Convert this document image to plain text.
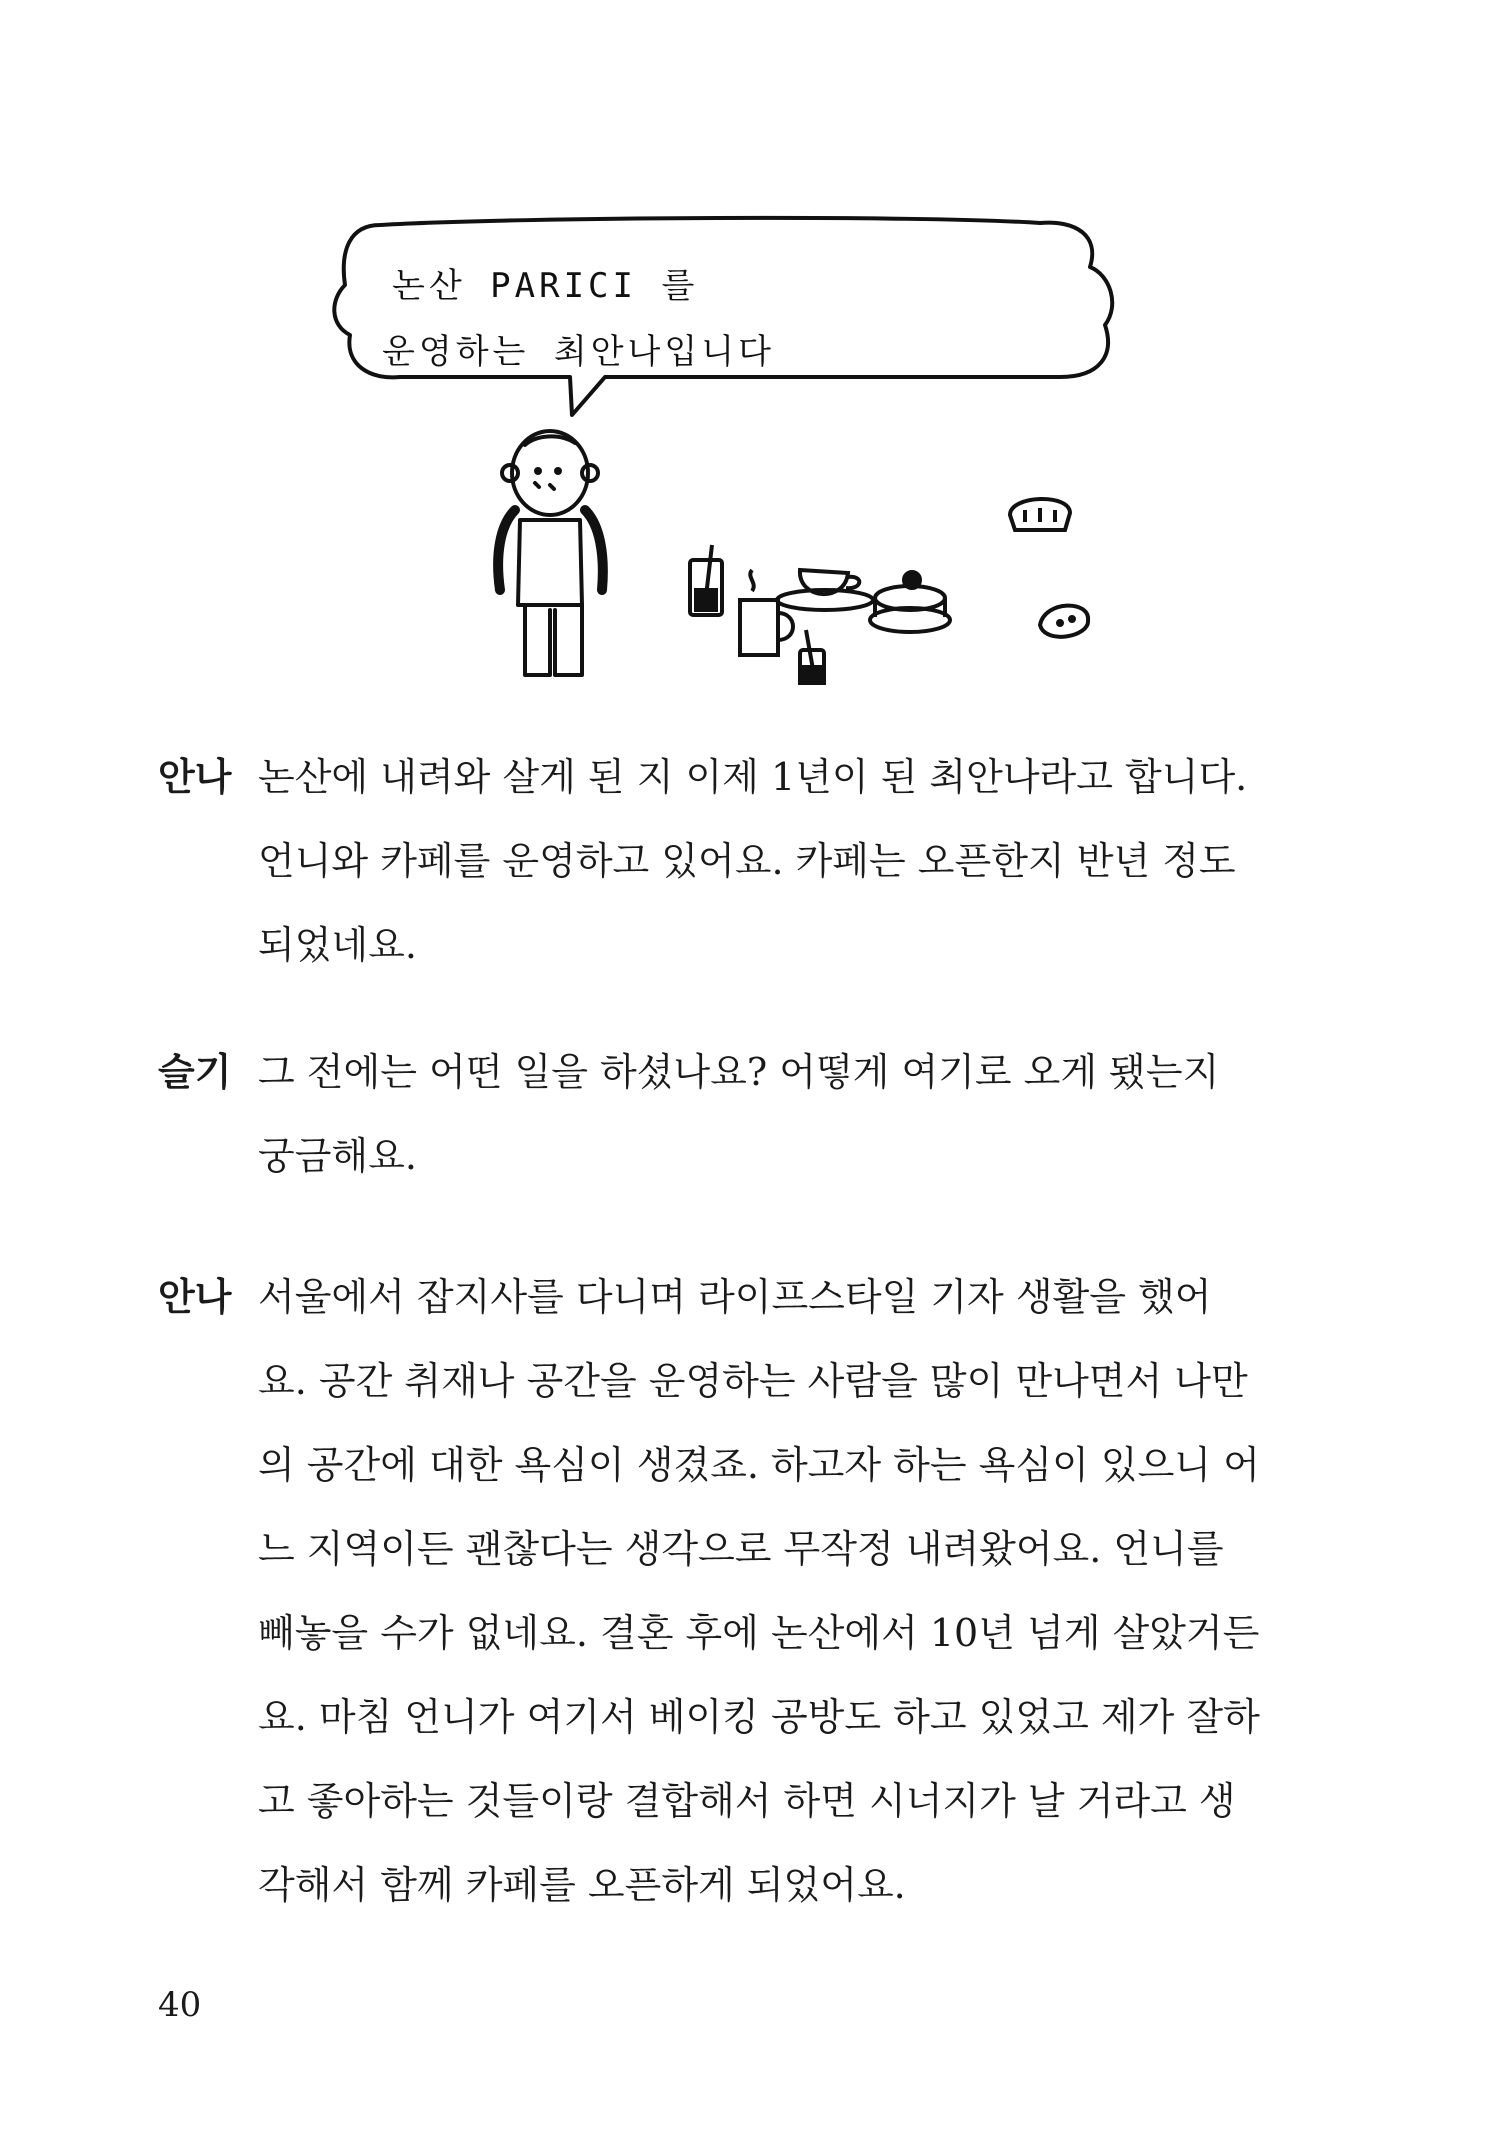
논산 PARICI 를
운영하는 최안나입니다
안나 논산에 내려와 살게 된 지 이제 1년이 된 최안나라고 합니다.
언니와 카페를 운영하고 있어요. 카페는 오픈한지 반년 정도
되었네요.
슬기 그 전에는 어떤 일을 하셨나요? 어떻게 여기로 오게 됐는지
궁금해요.
안나 서울에서 잡지사를 다니며 라이프스타일 기자 생활을 했어
요. 공간 취재나 공간을 운영하는 사람을 많이 만나면서 나만
의 공간에 대한 욕심이 생겼죠. 하고자 하는 욕심이 있으니 어
느 지역이든 괜찮다는 생각으로 무작정 내려왔어요. 언니를
빼놓을 수가 없네요. 결혼 후에 논산에서 10년 넘게 살았거든
요. 마침 언니가 여기서 베이킹 공방도 하고 있었고 제가 잘하
고 좋아하는 것들이랑 결합해서 하면 시너지가 날 거라고 생
각해서 함께 카페를 오픈하게 되었어요.
40
